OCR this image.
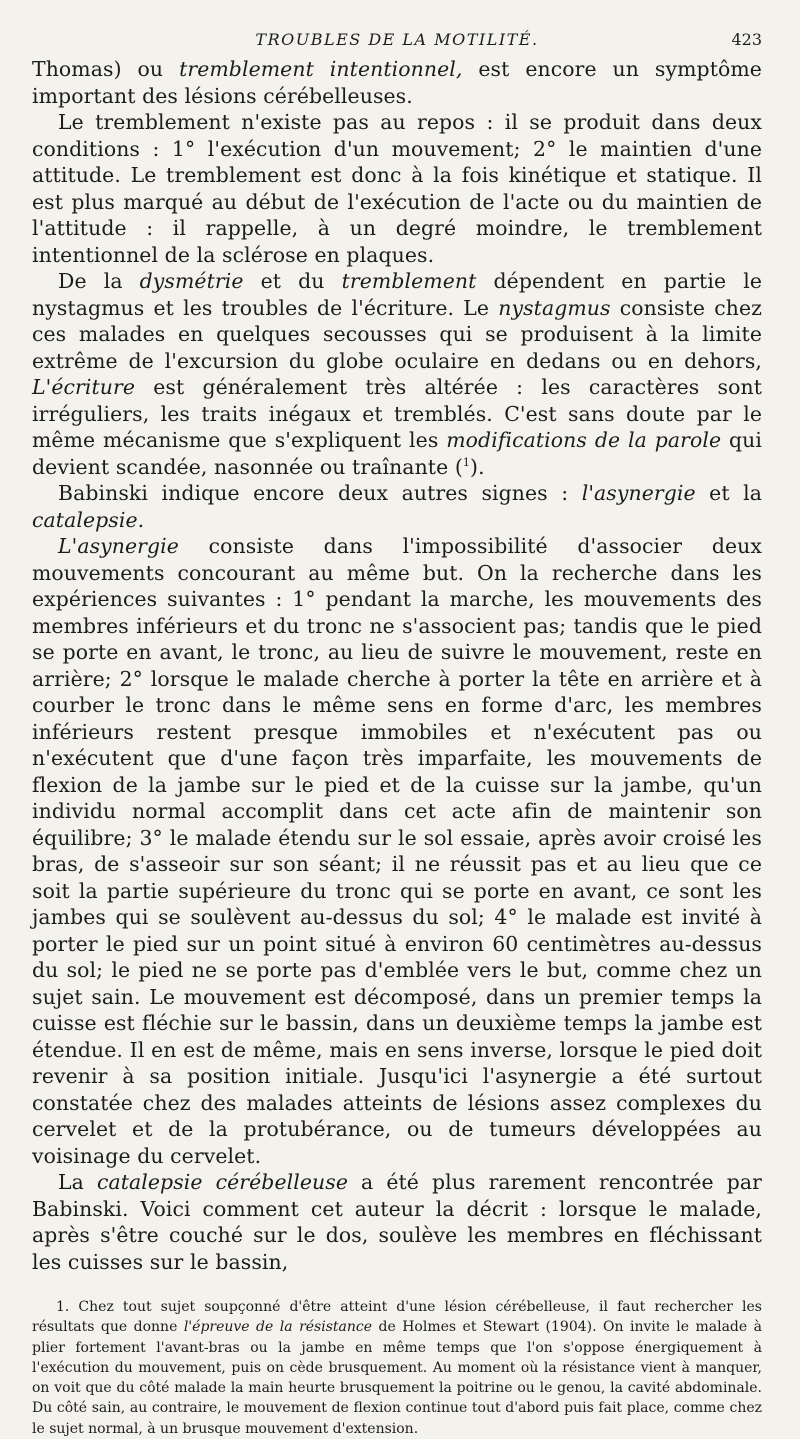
TROUBLES DE LA MOTILITÉ.	423

Thomas) ou tremblement intentionnel, est encore un symptôme important des lésions cérébelleuses.

Le tremblement n'existe pas au repos : il se produit dans deux conditions : 1° l'exécution d'un mouvement; 2° le maintien d'une attitude. Le tremblement est donc à la fois kinétique et statique. Il est plus marqué au début de l'exécution de l'acte ou du maintien de l'attitude : il rappelle, à un degré moindre, le tremblement intentionnel de la sclérose en plaques.

De la dysmétrie et du tremblement dépendent en partie le nystagmus et les troubles de l'écriture. Le nystagmus consiste chez ces malades en quelques secousses qui se produisent à la limite extrême de l'excursion du globe oculaire en dedans ou en dehors, L'écriture est généralement très altérée : les caractères sont irréguliers, les traits inégaux et tremblés. C'est sans doute par le même mécanisme que s'expliquent les modifications de la parole qui devient scandée, nasonnée ou traînante ($^1$).

Babinski indique encore deux autres signes : l'asynergie et la catalepsie.

L'asynergie consiste dans l'impossibilité d'associer deux mouvements concourant au même but. On la recherche dans les expériences suivantes : 1° pendant la marche, les mouvements des membres inférieurs et du tronc ne s'associent pas; tandis que le pied se porte en avant, le tronc, au lieu de suivre le mouvement, reste en arrière; 2° lorsque le malade cherche à porter la tête en arrière et à courber le tronc dans le même sens en forme d'arc, les membres inférieurs restent presque immobiles et n'exécutent pas ou n'exécutent que d'une façon très imparfaite, les mouvements de flexion de la jambe sur le pied et de la cuisse sur la jambe, qu'un individu normal accomplit dans cet acte afin de maintenir son équilibre; 3° le malade étendu sur le sol essaie, après avoir croisé les bras, de s'asseoir sur son séant; il ne réussit pas et au lieu que ce soit la partie supérieure du tronc qui se porte en avant, ce sont les jambes qui se soulèvent au-dessus du sol; 4° le malade est invité à porter le pied sur un point situé à environ 60 centimètres au-dessus du sol; le pied ne se porte pas d'emblée vers le but, comme chez un sujet sain. Le mouvement est décomposé, dans un premier temps la cuisse est fléchie sur le bassin, dans un deuxième temps la jambe est étendue. Il en est de même, mais en sens inverse, lorsque le pied doit revenir à sa position initiale. Jusqu'ici l'asynergie a été surtout constatée chez des malades atteints de lésions assez complexes du cervelet et de la protubérance, ou de tumeurs développées au voisinage du cervelet.

La catalepsie cérébelleuse a été plus rarement rencontrée par Babinski. Voici comment cet auteur la décrit : lorsque le malade, après s'être couché sur le dos, soulève les membres en fléchissant les cuisses sur le bassin,

1. Chez tout sujet soupçonné d'être atteint d'une lésion cérébelleuse, il faut rechercher les résultats que donne l'épreuve de la résistance de Holmes et Stewart (1904). On invite le malade à plier fortement l'avant-bras ou la jambe en même temps que l'on s'oppose énergiquement à l'exécution du mouvement, puis on cède brusquement. Au moment où la résistance vient à manquer, on voit que du côté malade la main heurte brusquement la poitrine ou le genou, la cavité abdominale. Du côté sain, au contraire, le mouvement de flexion continue tout d'abord puis fait place, comme chez le sujet normal, à un brusque mouvement d'extension.
